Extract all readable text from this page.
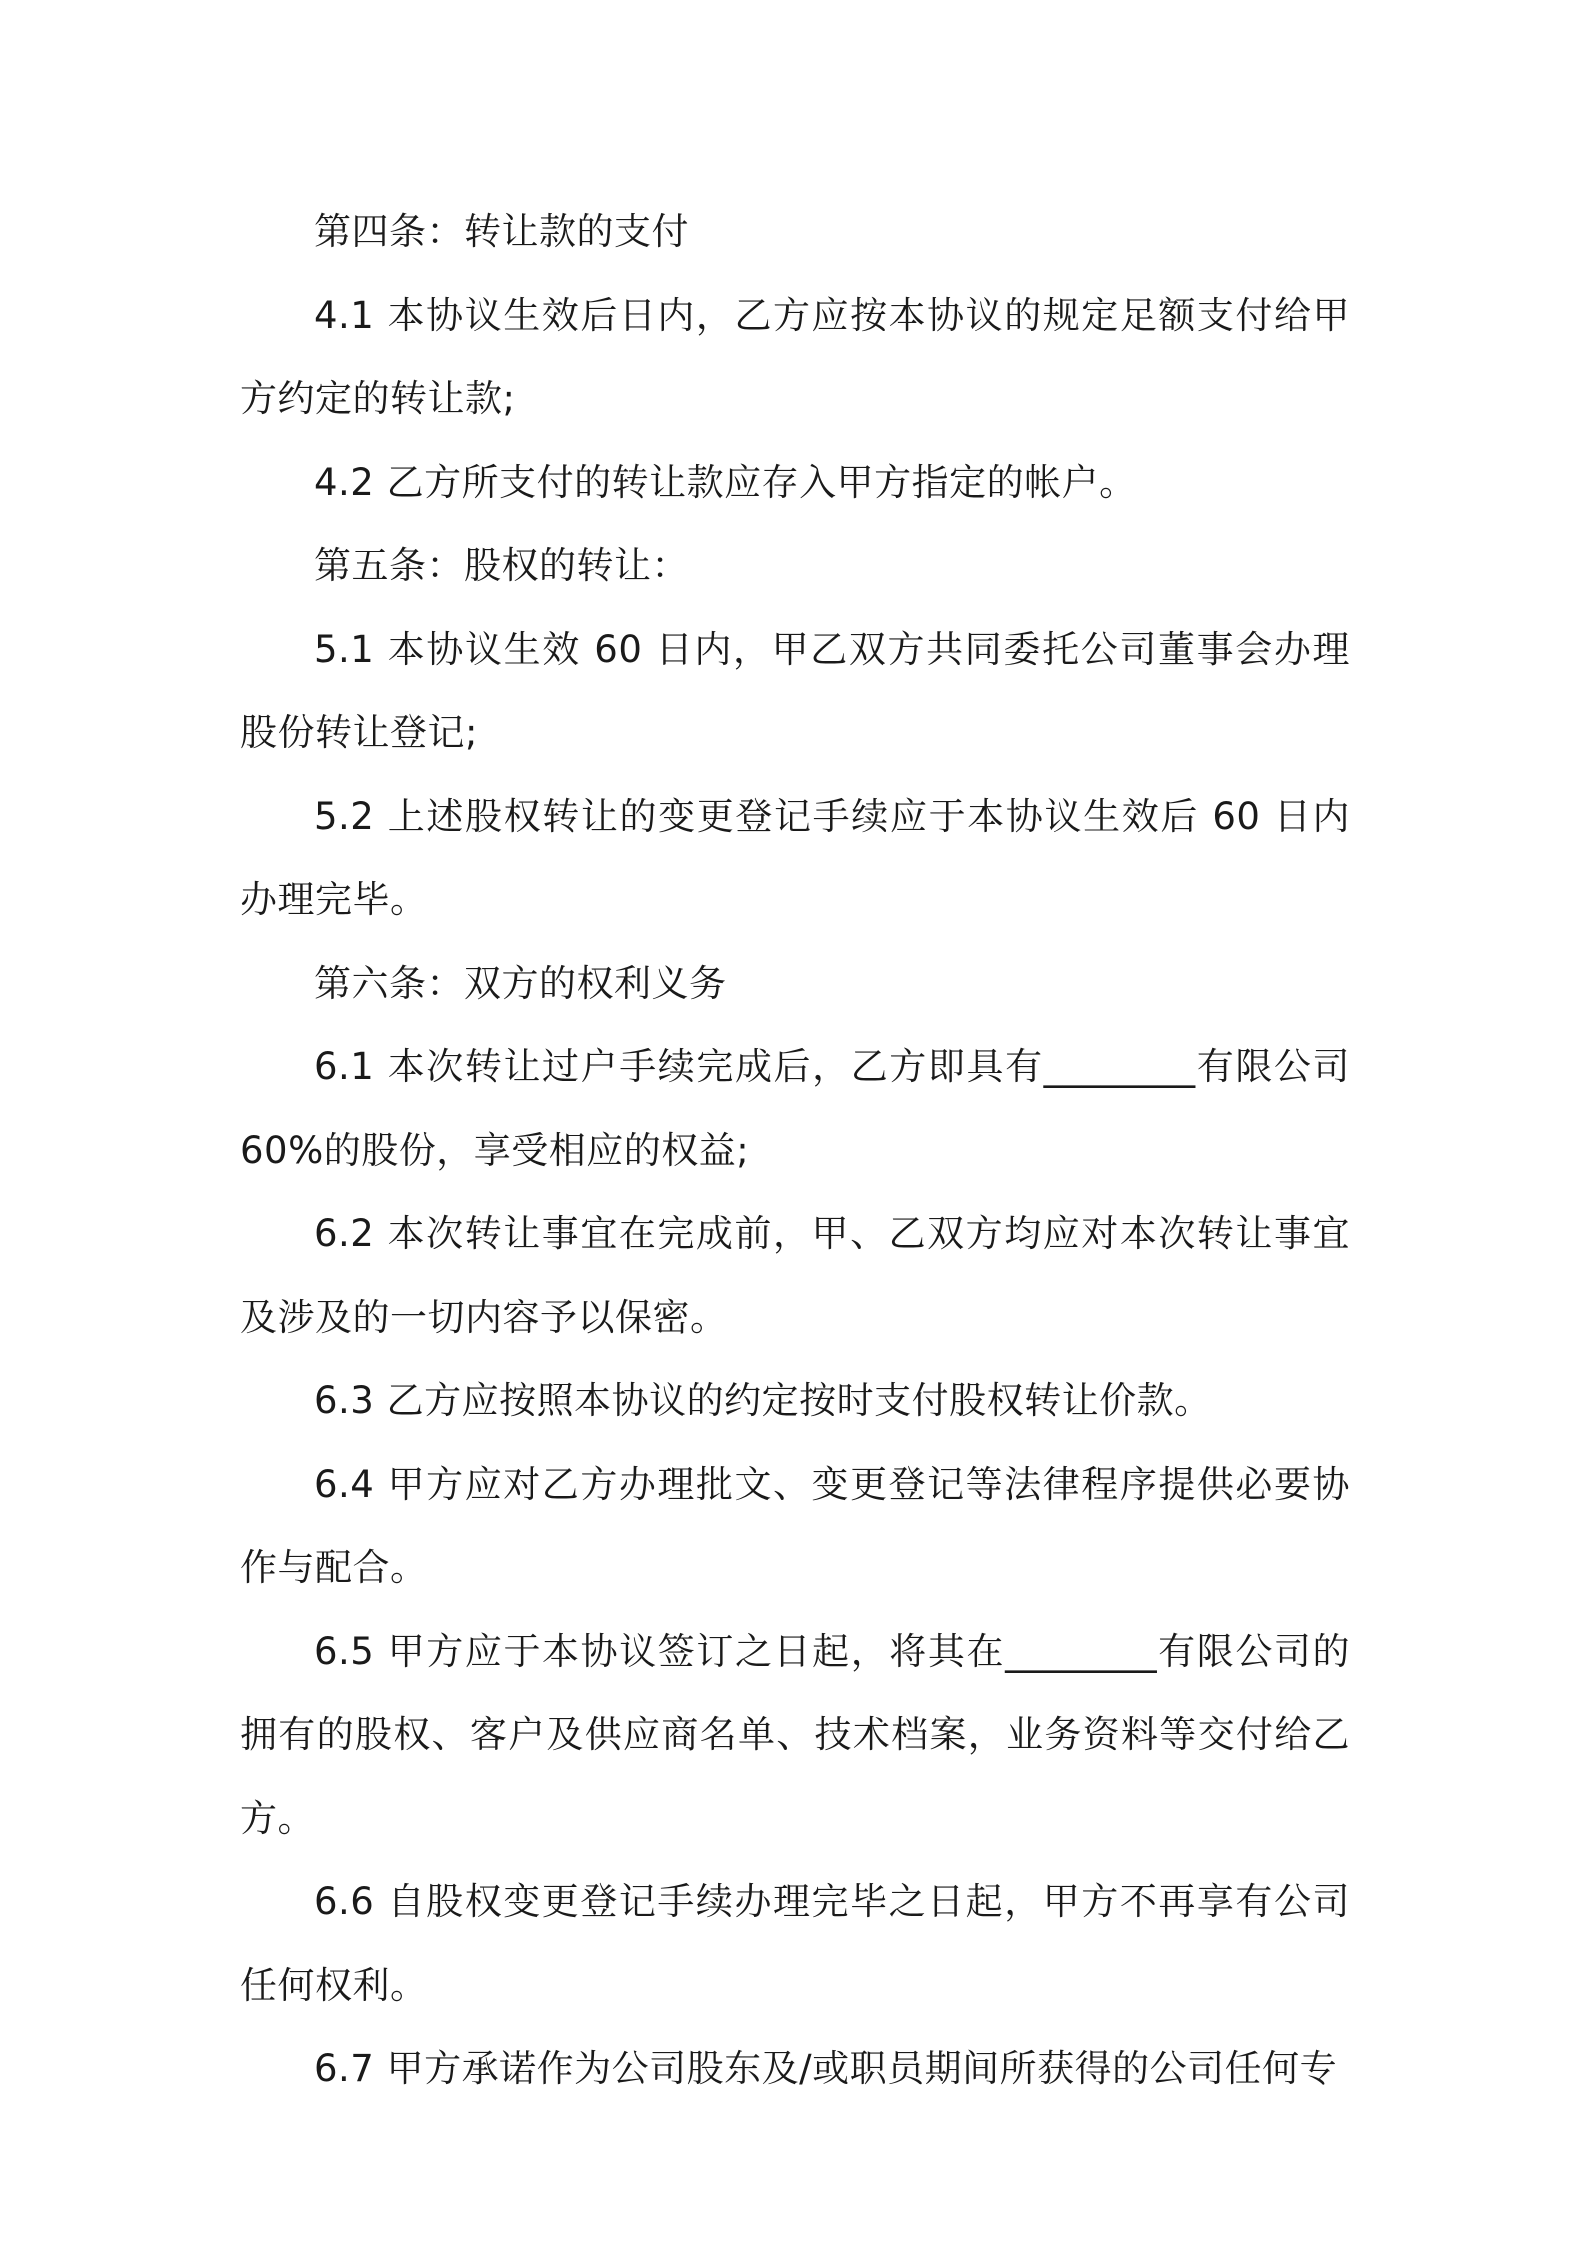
第四条：转让款的支付

4.1 本协议生效后日内，乙方应按本协议的规定足额支付给甲方约定的转让款;

4.2 乙方所支付的转让款应存入甲方指定的帐户。

第五条：股权的转让：

5.1 本协议生效 60 日内，甲乙双方共同委托公司董事会办理股份转让登记;

5.2 上述股权转让的变更登记手续应于本协议生效后 60 日内办理完毕。

第六条：双方的权利义务

6.1 本次转让过户手续完成后，乙方即具有________有限公司60%的股份，享受相应的权益;

6.2 本次转让事宜在完成前，甲、乙双方均应对本次转让事宜及涉及的一切内容予以保密。

6.3 乙方应按照本协议的约定按时支付股权转让价款。

6.4 甲方应对乙方办理批文、变更登记等法律程序提供必要协作与配合。

6.5 甲方应于本协议签订之日起，将其在________有限公司的拥有的股权、客户及供应商名单、技术档案，业务资料等交付给乙方。

6.6 自股权变更登记手续办理完毕之日起，甲方不再享有公司任何权利。

6.7 甲方承诺作为公司股东及/或职员期间所获得的公司任何专
